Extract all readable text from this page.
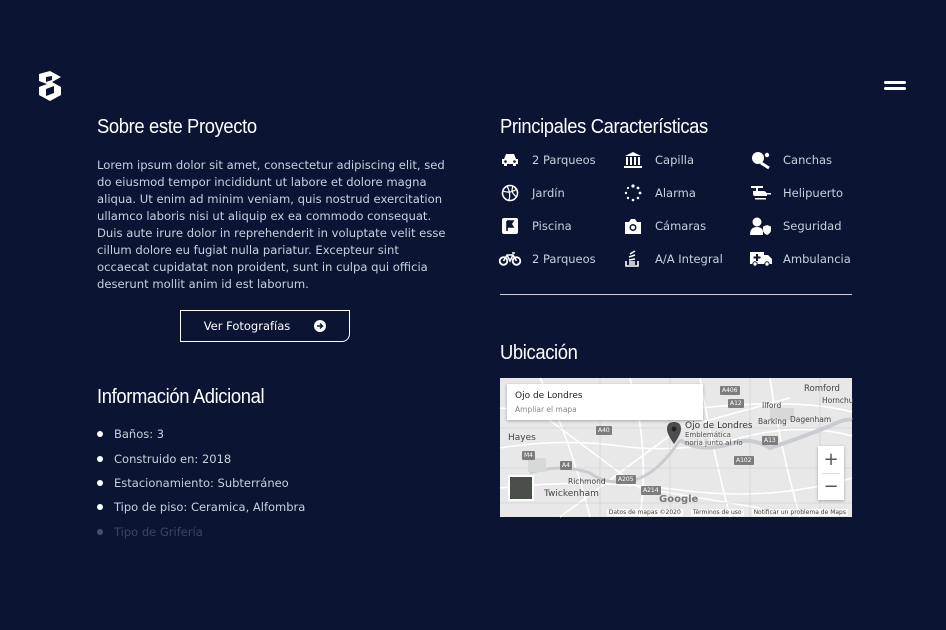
Sobre este Proyecto

Lorem ipsum dolor sit amet, consectetur adipiscing elit, sed do eiusmod tempor incididunt ut labore et dolore magna aliqua. Ut enim ad minim veniam, quis nostrud exercitation ullamco laboris nisi ut aliquip ex ea commodo consequat. Duis aute irure dolor in reprehenderit in voluptate velit esse cillum dolore eu fugiat nulla pariatur. Excepteur sint occaecat cupidatat non proident, sunt in culpa qui officia deserunt mollit anim id est laborum.

Ver Fotografías
Principales Características
2 Parqueos	Capilla	Canchas
Jardín	Alarma	Helipuerto
Piscina	Cámaras	Seguridad
2 Parqueos	A/A Integral	Ambulancia
Información Adicional
Baños: 3
Construido en: 2018
Estacionamiento: Subterráneo
Tipo de piso: Ceramica, Alfombra
Tipo de Grifería
Ubicación
Romford
Hornchu
Ilford
Barking Dagenham
Hayes
Richmond
Twickenham
A12
A406
A40
A13
M4
A4
A102
A205
A214
Ojo de Londres
Emblemática noria junto al río
Ojo de Londres
Ampliar el mapa
+
−
Google
Datos de mapas ©2020	Términos de uso	Notificar un problema de Maps
